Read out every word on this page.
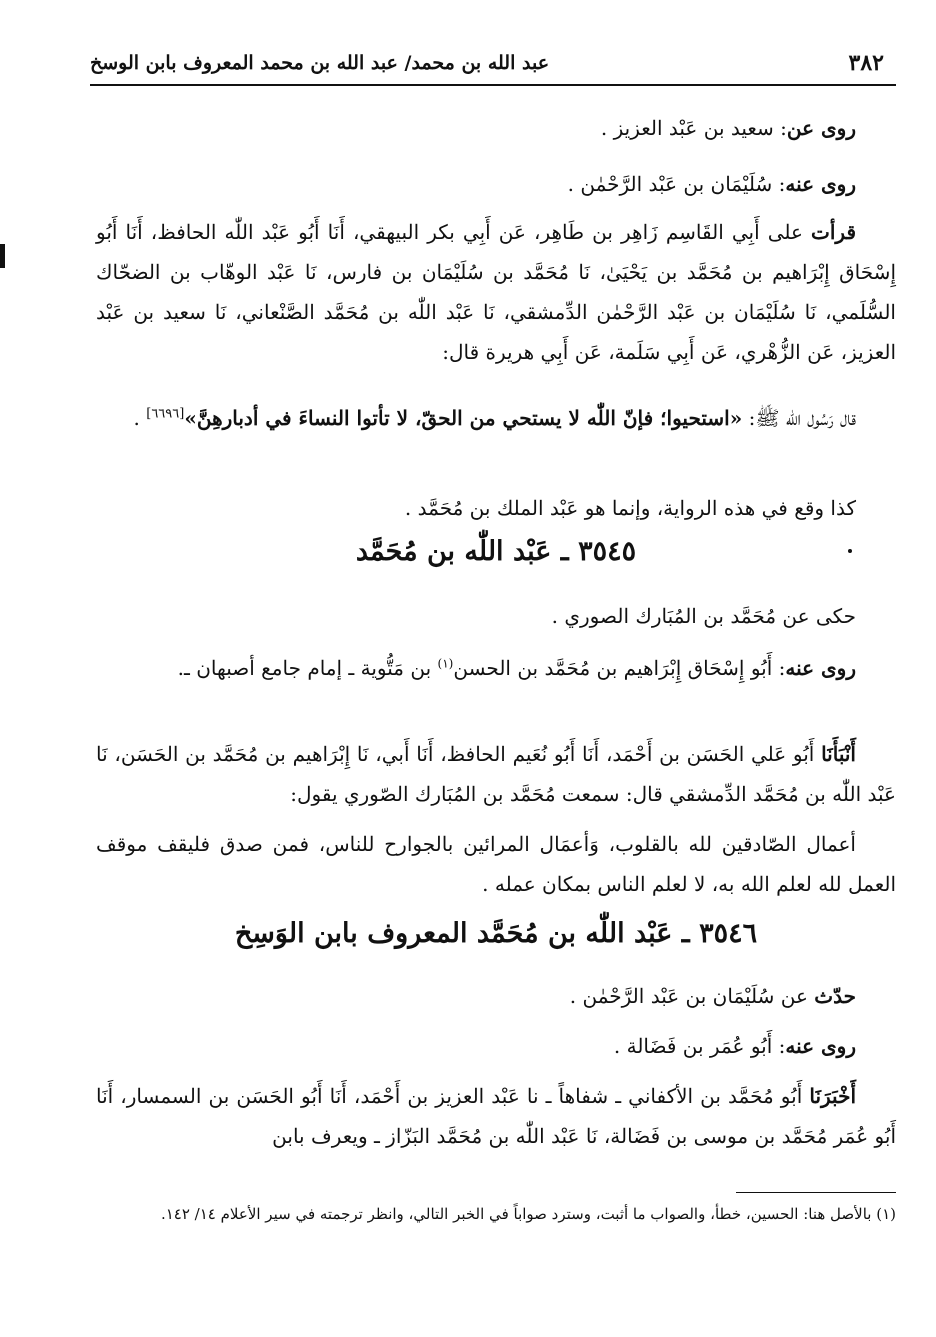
٣٨٢
عبد الله بن محمد/ عبد الله بن محمد المعروف بابن الوسخ

روى عن: سعيد بن عَبْد العزيز .

روى عنه: سُلَيْمَان بن عَبْد الرَّحْمٰن .

قرأت على أَبِي القَاسِم زَاهِر بن طَاهِر، عَن أَبِي بكر البيهقي، أَنَا أَبُو عَبْد اللّٰه الحافظ، أَنَا أَبُو إِسْحَاق إِبْرَاهيم بن مُحَمَّد بن يَحْيَىٰ، نَا مُحَمَّد بن سُلَيْمَان بن فارس، نَا عَبْد الوهّاب بن الضحّاك السُّلَمي، نَا سُلَيْمَان بن عَبْد الرَّحْمٰن الدِّمشقي، نَا عَبْد اللّٰه بن مُحَمَّد الصَّنْعاني، نَا سعيد بن عَبْد العزيز، عَن الزُّهْري، عَن أَبِي سَلَمة، عَن أَبِي هريرة قال:

قال رَسُول اللّٰه ﷺ: «استحيوا؛ فإنّ اللّٰه لا يستحي من الحقّ، لا تأتوا النساءَ في أدبارهِنَّ»[٦٦٩٦] .

كذا وقع في هذه الرواية، وإنما هو عَبْد الملك بن مُحَمَّد .

٣٥٤٥ ـ عَبْد اللّٰه بن مُحَمَّد

حكى عن مُحَمَّد بن المُبَارك الصوري .

روى عنه: أَبُو إِسْحَاق إِبْرَاهيم بن مُحَمَّد بن الحسن$^{(١)}$ بن مَتُّوية ـ إمام جامع أصبهان ـ.

أَنْبَأَنَا أَبُو عَلي الحَسَن بن أَحْمَد، أَنَا أَبُو نُعَيم الحافظ، أَنَا أَبي، نَا إِبْرَاهيم بن مُحَمَّد بن الحَسَن، نَا عَبْد اللّٰه بن مُحَمَّد الدِّمشقي قال: سمعت مُحَمَّد بن المُبَارك الصّوري يقول:

أعمال الصّادقين لله بالقلوب، وَأعمَال المرائين بالجوارح للناس، فمن صدق فليقف موقف العمل لله لعلم الله به، لا لعلم الناس بمكان عمله .

٣٥٤٦ ـ عَبْد اللّٰه بن مُحَمَّد المعروف بابن الوَسِخ

حدّث عن سُلَيْمَان بن عَبْد الرَّحْمٰن .

روى عنه: أَبُو عُمَر بن فَضَالة .

أَخْبَرَنَا أَبُو مُحَمَّد بن الأكفاني ـ شفاهاً ـ نا عَبْد العزيز بن أَحْمَد، أَنَا أَبُو الحَسَن بن السمسار، أَنَا أَبُو عُمَر مُحَمَّد بن موسى بن فَضَالة، نَا عَبْد اللّٰه بن مُحَمَّد البَزّاز ـ ويعرف بابن

(١) بالأصل هنا: الحسين، خطأ، والصواب ما أثبت، وسترد صواباً في الخبر التالي، وانظر ترجمته في سير الأعلام ١٤/ ١٤٢.
